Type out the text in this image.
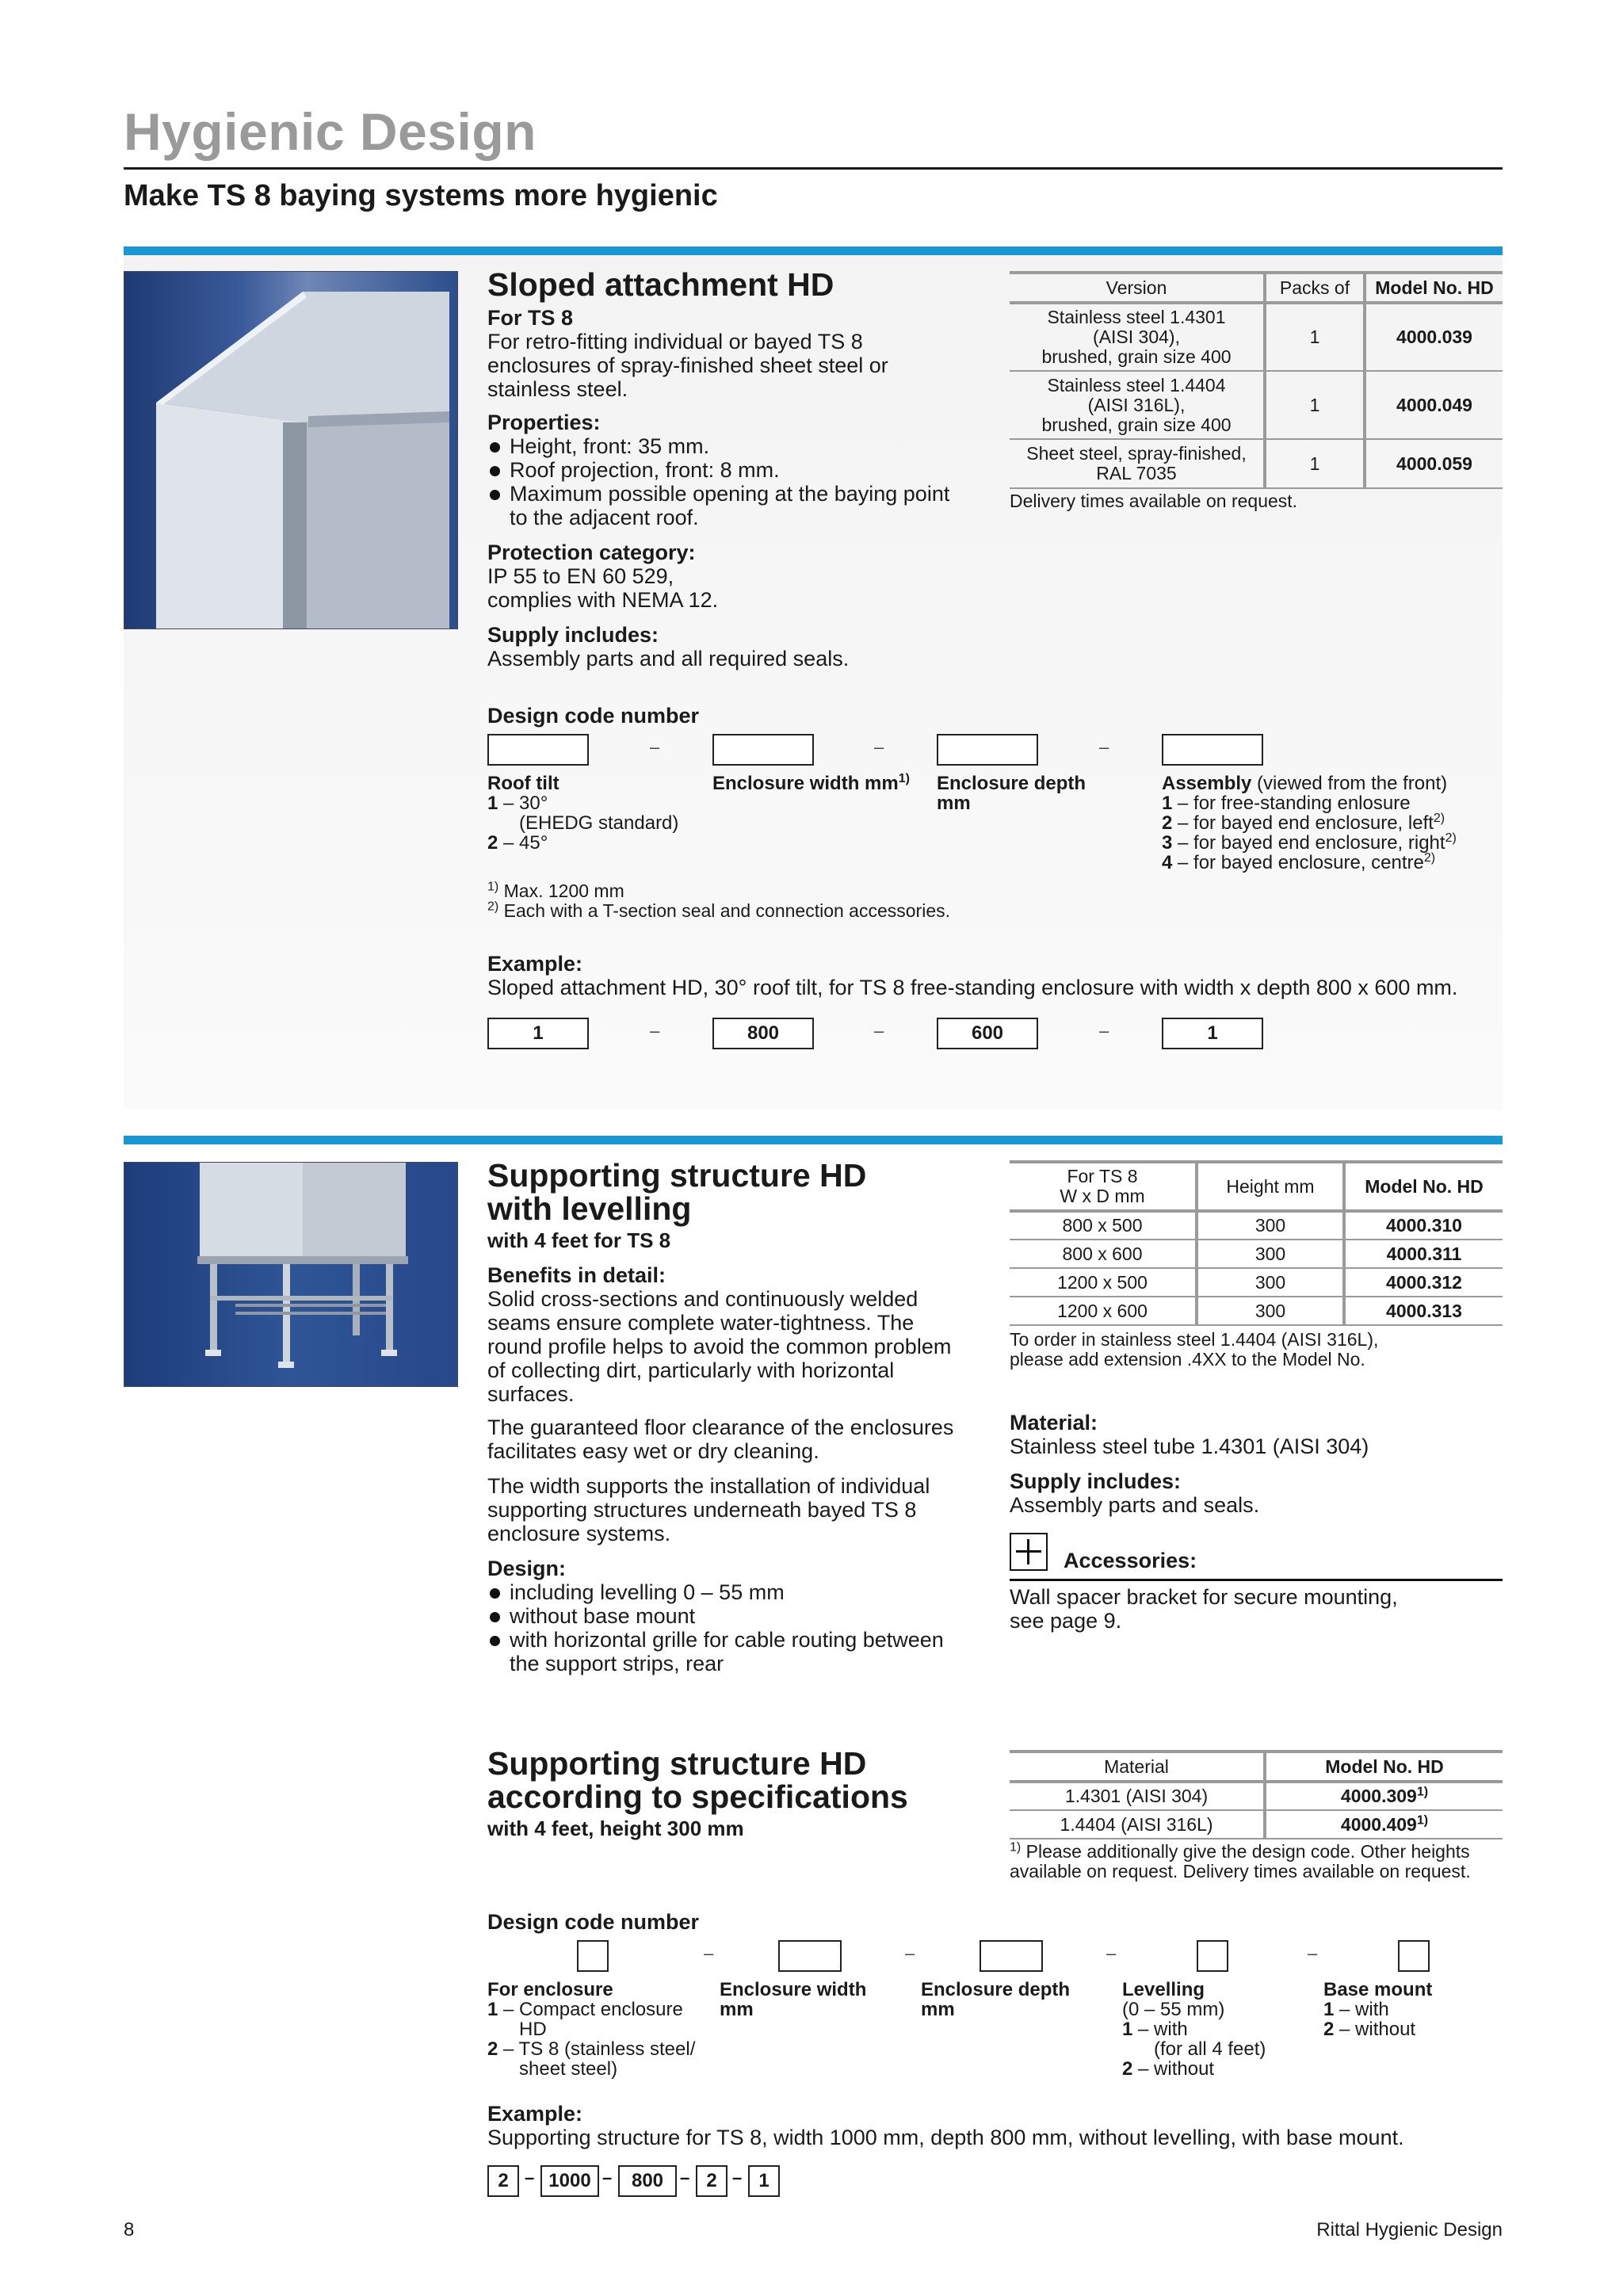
Hygienic Design
Make TS 8 baying systems more hygienic
Sloped attachment HD
For TS 8
For retro-fitting individual or bayed TS 8
enclosures of spray-finished sheet steel or
stainless steel.
Properties:
Height, front: 35 mm.
Roof projection, front: 8 mm.
Maximum possible opening at the baying point
to the adjacent roof.
Protection category:
IP 55 to EN 60 529,
complies with NEMA 12.
Supply includes:
Assembly parts and all required seals.
Version	Packs of	Model No. HD

Stainless steel 1.4301
(AISI 304),
brushed, grain size 400	1	4000.039

Stainless steel 1.4404
(AISI 316L),
brushed, grain size 400	1	4000.049

Sheet steel, spray-finished,
RAL 7035	1	4000.059
Delivery times available on request.
Design code number
–	–	–
Roof tilt
1 – 30°
(EHEDG standard)
2 – 45°
Enclosure width $mm^{1)}$ Enclosure depth
mm
Assembly (viewed from the front)
1 – for free-standing enlosure
2 – for bayed end enclosure, left$^{2)}$
3 – for bayed end enclosure, right$^{2)}$
4 – for bayed enclosure, centre$^{2)}$
$^{1)}$ Max. 1200 mm
$^{2)}$ Each with a T-section seal and connection accessories.
Example:
Sloped attachment HD, 30° roof tilt, for TS 8 free-standing enclosure with width x depth 800 x 600 mm.
1	–	800	–	600	–	1
Supporting structure HD
with levelling
with 4 feet for TS 8
Benefits in detail:
Solid cross-sections and continuously welded
seams ensure complete water-tightness. The
round profile helps to avoid the common problem
of collecting dirt, particularly with horizontal
surfaces.
The guaranteed floor clearance of the enclosures
facilitates easy wet or dry cleaning.
The width supports the installation of individual
supporting structures underneath bayed TS 8
enclosure systems.
Design:
including levelling 0 – 55 mm
without base mount
with horizontal grille for cable routing between
the support strips, rear
For TS 8
W x D mm	Height mm	Model No. HD
800 x 500	300	4000.310
800 x 600	300	4000.311
1200 x 500	300	4000.312
1200 x 600	300	4000.313
To order in stainless steel 1.4404 (AISI 316L),
please add extension .4XX to the Model No.
Material:
Stainless steel tube 1.4301 (AISI 304)
Supply includes:
Assembly parts and seals.
Accessories:
Wall spacer bracket for secure mounting,
see page 9.
Supporting structure HD
according to specifications
with 4 feet, height 300 mm
Material	Model No. HD
1.4301 (AISI 304)	4000.309$^{1)}$
1.4404 (AISI 316L)	4000.409$^{1)}$
$^{1)}$ Please additionally give the design code. Other heights
available on request. Delivery times available on request.
Design code number
–	–	–	–
For enclosure
1 – Compact enclosure
HD
2 – TS 8 (stainless steel/
sheet steel)
Enclosure width
mm
Enclosure depth
mm
Levelling
(0 – 55 mm)
1 – with
(for all 4 feet)
2 – without
Base mount
1 – with
2 – without
Example:
Supporting structure for TS 8, width 1000 mm, depth 800 mm, without levelling, with base mount.
2 – 1000 –	800 – 2 – 1
8	Rittal Hygienic Design
